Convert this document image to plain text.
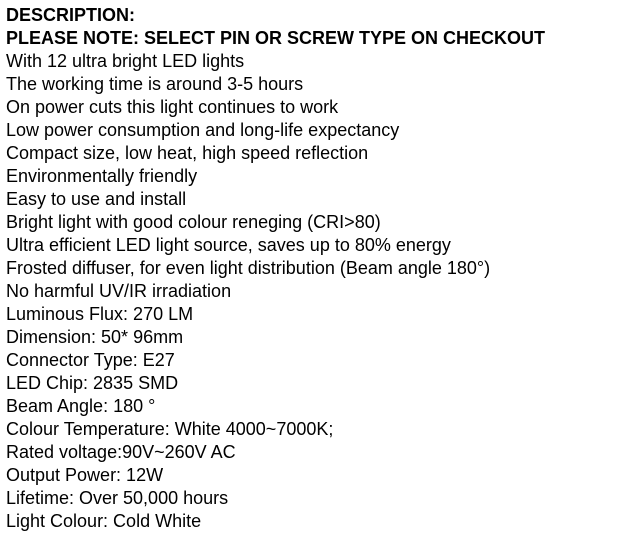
DESCRIPTION:
PLEASE NOTE: SELECT PIN OR SCREW TYPE ON CHECKOUT
With 12 ultra bright LED lights
The working time is around 3-5 hours
On power cuts this light continues to work
Low power consumption and long-life expectancy
Compact size, low heat, high speed reflection
Environmentally friendly
Easy to use and install
Bright light with good colour reneging (CRI>80)
Ultra efficient LED light source, saves up to 80% energy
Frosted diffuser, for even light distribution (Beam angle 180°)
No harmful UV/IR irradiation
Luminous Flux: 270 LM
Dimension: 50* 96mm
Connector Type: E27
LED Chip: 2835 SMD
Beam Angle: 180 °
Colour Temperature: White 4000~7000K;
Rated voltage:90V~260V AC
Output Power: 12W
Lifetime: Over 50,000 hours
Light Colour: Cold White
